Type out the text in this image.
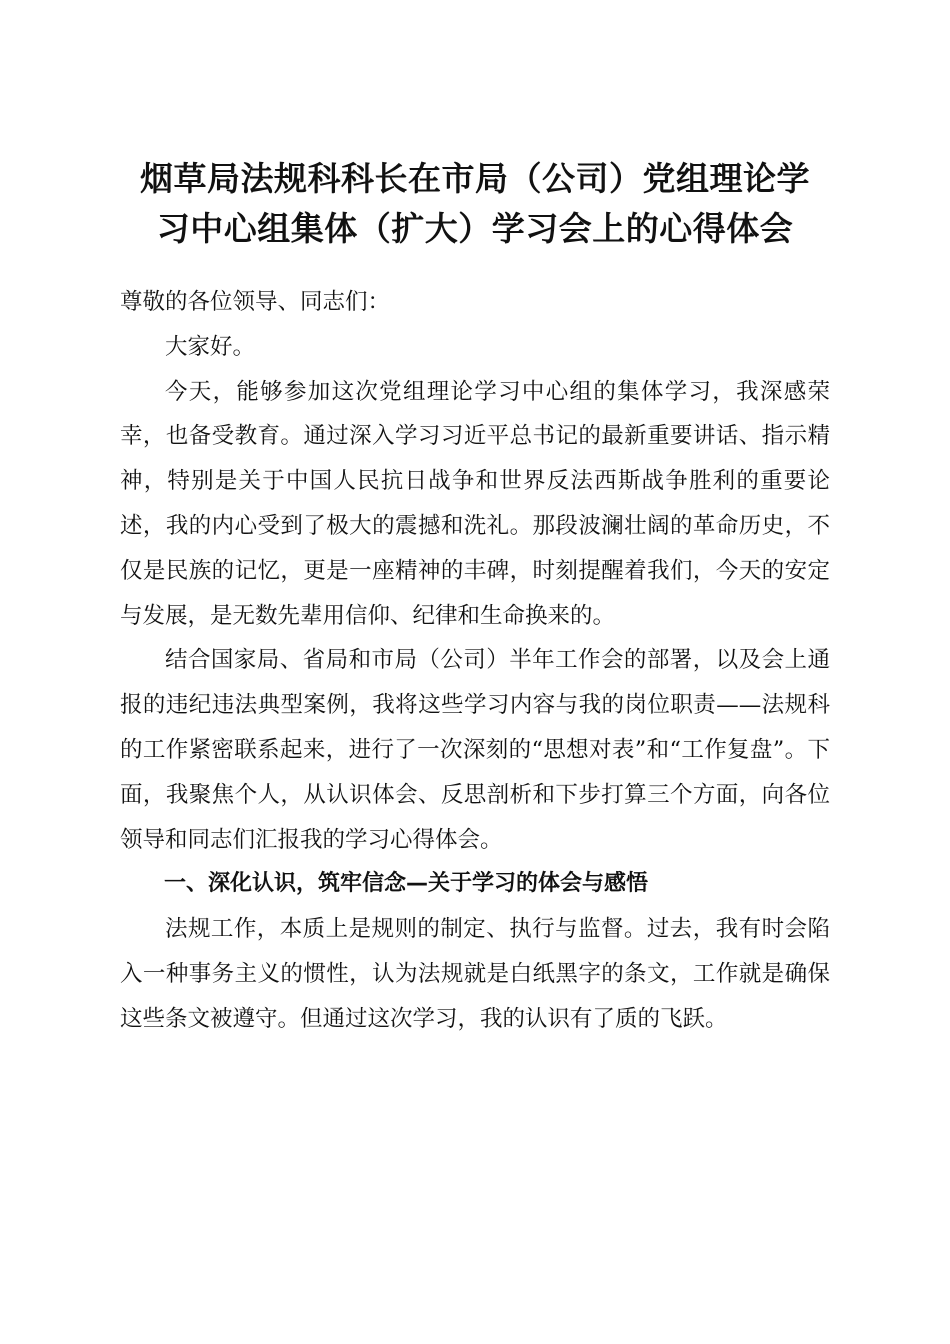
烟草局法规科科长在市局（公司）党组理论学
习中心组集体（扩大）学习会上的心得体会

尊敬的各位领导、同志们：

大家好。

今天，能够参加这次党组理论学习中心组的集体学习，我深感荣幸，也备受教育。通过深入学习习近平总书记的最新重要讲话、指示精神，特别是关于中国人民抗日战争和世界反法西斯战争胜利的重要论述，我的内心受到了极大的震撼和洗礼。那段波澜壮阔的革命历史，不仅是民族的记忆，更是一座精神的丰碑，时刻提醒着我们，今天的安定与发展，是无数先辈用信仰、纪律和生命换来的。

结合国家局、省局和市局（公司）半年工作会的部署，以及会上通报的违纪违法典型案例，我将这些学习内容与我的岗位职责——法规科的工作紧密联系起来，进行了一次深刻的“思想对表”和“工作复盘”。下面，我聚焦个人，从认识体会、反思剖析和下步打算三个方面，向各位领导和同志们汇报我的学习心得体会。

一、深化认识，筑牢信念—关于学习的体会与感悟

法规工作，本质上是规则的制定、执行与监督。过去，我有时会陷入一种事务主义的惯性，认为法规就是白纸黑字的条文，工作就是确保这些条文被遵守。但通过这次学习，我的认识有了质的飞跃。
